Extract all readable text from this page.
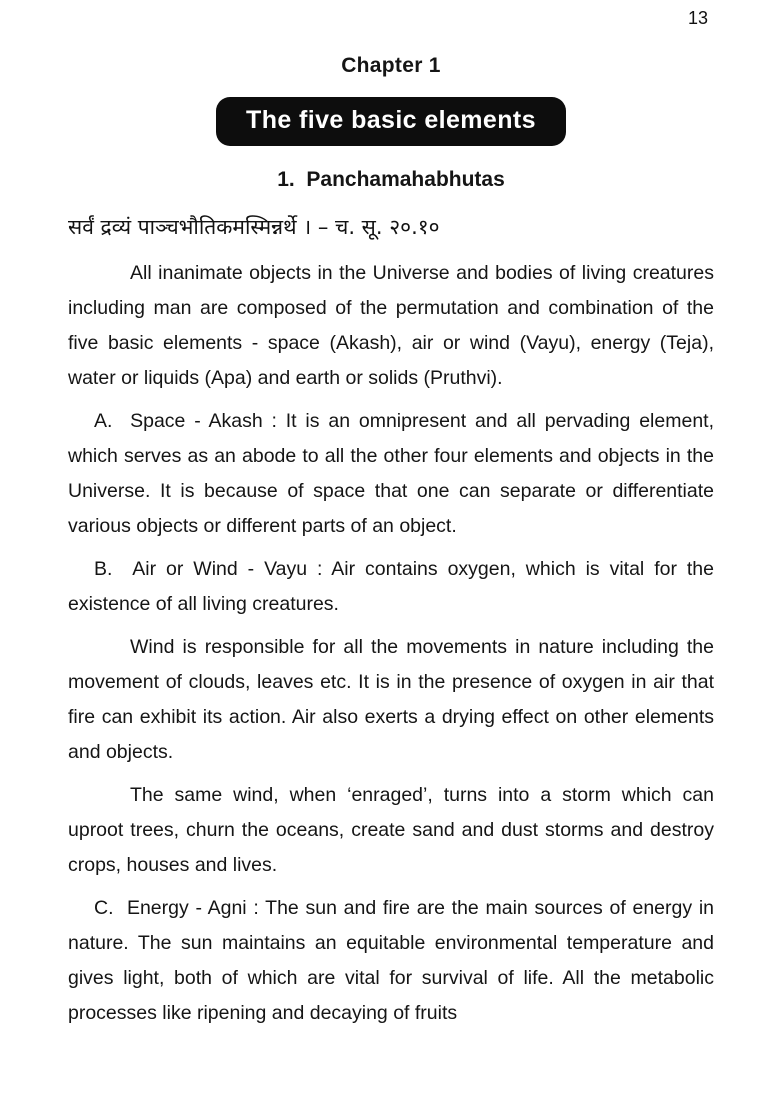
13
Chapter 1
The five basic elements
1.  Panchamahabhutas

सर्वं द्रव्यं पाञ्चभौतिकमस्मिन्नर्थे । – च. सू. २०.१०

All inanimate objects in the Universe and bodies of living creatures including man are composed of the permutation and combination of the five basic elements - space (Akash), air or wind (Vayu), energy (Teja), water or liquids (Apa) and earth or solids (Pruthvi).

A.  Space - Akash : It is an omnipresent and all pervading element, which serves as an abode to all the other four elements and objects in the Universe. It is because of space that one can separate or differentiate various objects or different parts of an object.

B.  Air or Wind - Vayu : Air contains oxygen, which is vital for the existence of all living creatures.

Wind is responsible for all the movements in nature including the movement of clouds, leaves etc. It is in the presence of oxygen in air that fire can exhibit its action. Air also exerts a drying effect on other elements and objects.

The same wind, when ‘enraged’, turns into a storm which can uproot trees, churn the oceans, create sand and dust storms and destroy crops, houses and lives.

C.  Energy - Agni : The sun and fire are the main sources of energy in nature. The sun maintains an equitable environmental temperature and gives light, both of which are vital for survival of life. All the metabolic processes like ripening and decaying of fruits
